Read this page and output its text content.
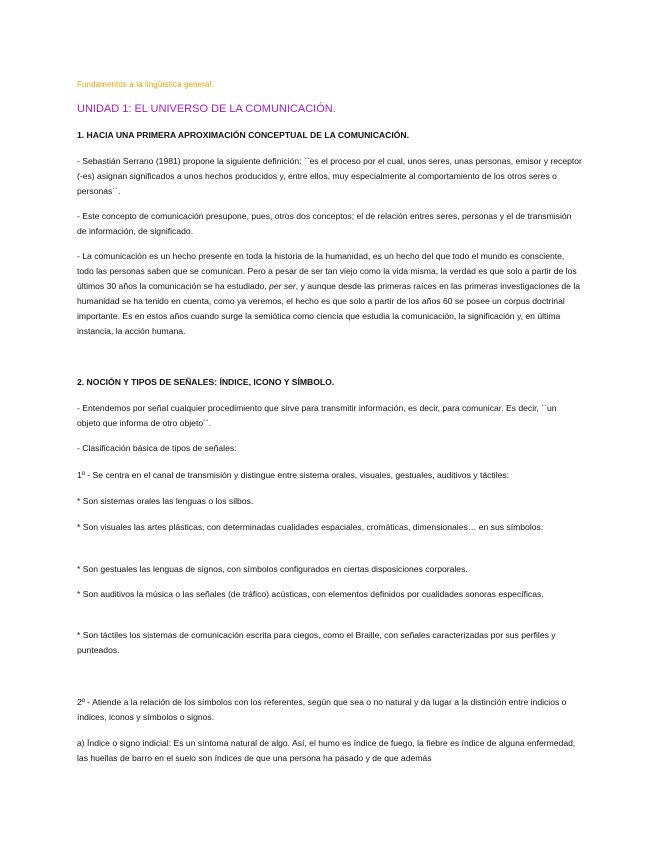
Fundamentos a la lingüística general.
UNIDAD 1: EL UNIVERSO DE LA COMUNICACIÓN.
1. HACIA UNA PRIMERA APROXIMACIÓN CONCEPTUAL DE LA COMUNICACIÓN.
- Sebastián Serrano (1981) propone la siguiente definición: ``es el proceso por el cual, unos seres, unas personas, emisor y receptor (-es) asignan significados a unos hechos producidos y, entre ellos, muy especialmente al comportamiento de los otros seres o personas´´.
- Este concepto de comunicación presupone, pues, otros dos conceptos; el de relación entres seres, personas y el de transmisión de información, de significado.
- La comunicación es un hecho presente en toda la historia de la humanidad, es un hecho del que todo el mundo es consciente, todo las personas saben que se comunican. Pero a pesar de ser tan viejo como la vida misma, la verdad es que solo a partir de los últimos 30 años la comunicación se ha estudiado, per ser, y aunque desde las primeras raíces en las primeras investigaciones de la humanidad se ha tenido en cuenta, como ya veremos, el hecho es que solo a partir de los años 60 se posee un corpus doctrinal importante. Es en estos años cuando surge la semiótica como ciencia que estudia la comunicación, la significación y, en última instancia, la acción humana.
2. NOCIÓN Y TIPOS DE SEÑALES: ÍNDICE, ICONO Y SÍMBOLO.
- Entendemos por señal cualquier procedimiento que sirve para transmitir información, es decir, para comunicar. Es decir, ``un objeto que informa de otro objeto´´.
- Clasificación básica de tipos de señales:
1º - Se centra en el canal de transmisión y distingue entre sistema orales, visuales, gestuales, auditivos y táctiles:
* Son sistemas orales las lenguas o los silbos.
* Son visuales las artes plásticas, con determinadas cualidades espaciales, cromáticas, dimensionales… en sus símbolos.
* Son gestuales las lenguas de signos, con símbolos configurados en ciertas disposiciones corporales.
* Son auditivos la música o las señales (de tráfico) acústicas, con elementos definidos por cualidades sonoras específicas.
* Son táctiles los sistemas de comunicación escrita para ciegos, como el Braille, con señales caracterizadas por sus perfiles y punteados.
2º - Atiende a la relación de los símbolos con los referentes, según que sea o no natural y da lugar a la distinción entre indicios o índices, iconos y símbolos o signos.
a) Índice o signo indicial: Es un síntoma natural de algo. Así, el humo es índice de fuego, la fiebre es índice de alguna enfermedad, las huellas de barro en el suelo son índices de que una persona ha pasado y de que además
